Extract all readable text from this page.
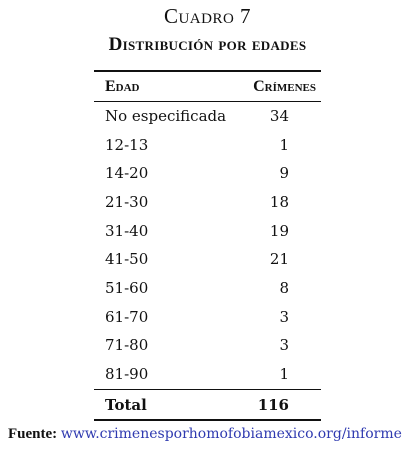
Cuadro 7
Distribución por edades
Edad	Crímenes
No especificada	34
12-13	1
14-20	9
21-30	18
31-40	19
41-50	21
51-60	8
61-70	3
71-80	3
81-90	1
Total	116
Fuente: www.crimenesporhomofobiamexico.org/informe
